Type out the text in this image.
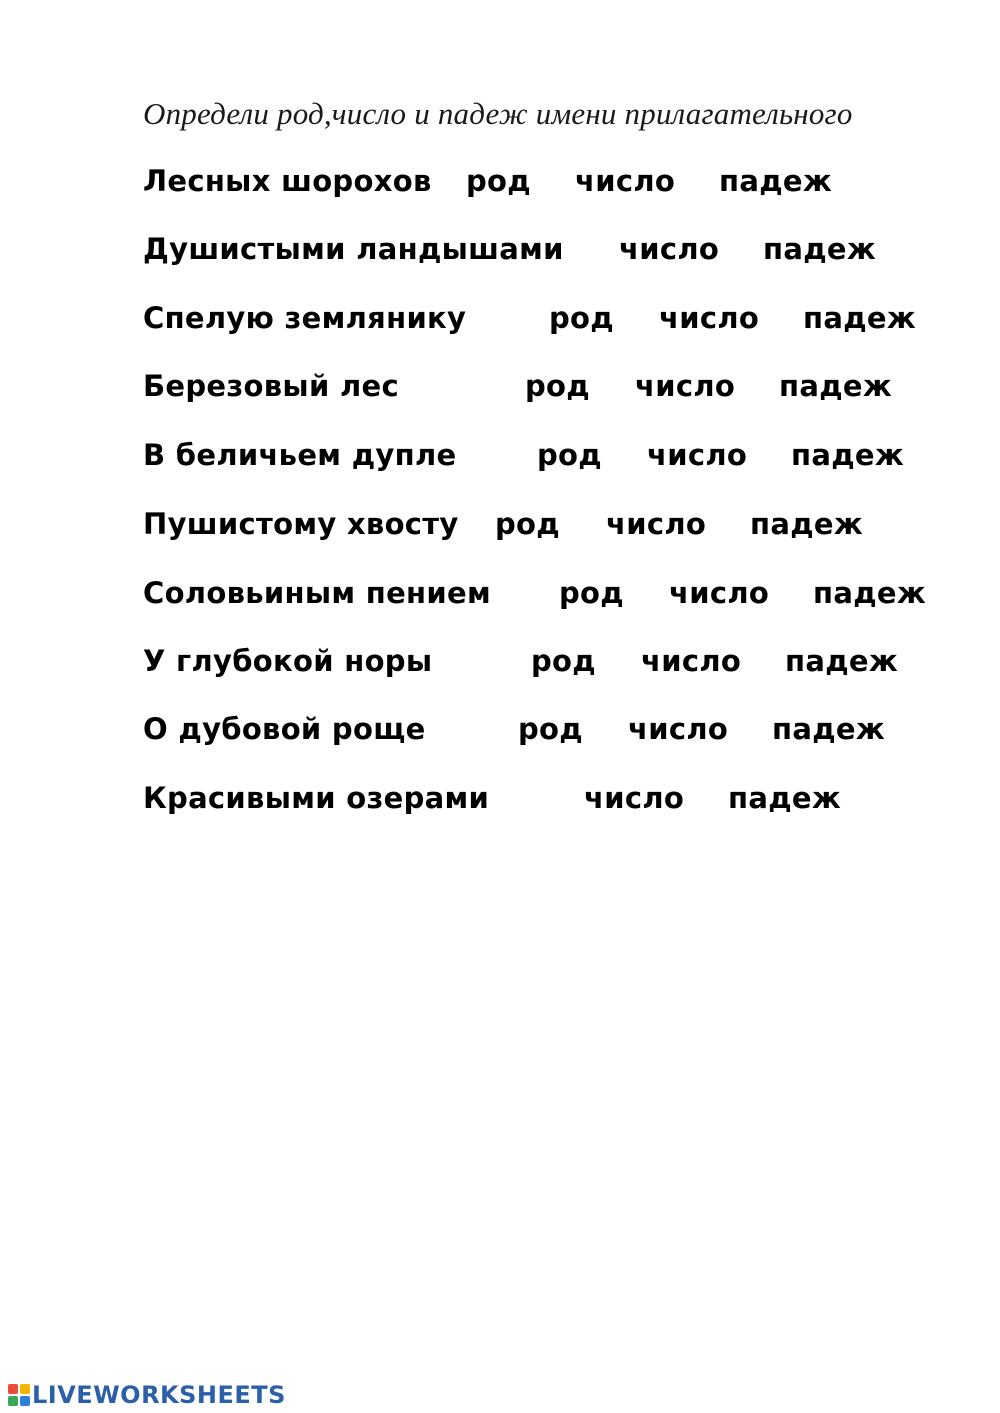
Определи род,число и падеж имени прилагательного
Лесных шорохов род число падеж
Душистыми ландышами число падеж
Спелую землянику	род число падеж
Березовый лес	род число падеж
В беличьем дупле	род число падеж
Пушистому хвосту род число падеж
Соловьиным пением род число падеж
У глубокой норы	род число падеж
О дубовой роще	род число падеж
Красивыми озерами	число падеж
LIVEWORKSHEETS
